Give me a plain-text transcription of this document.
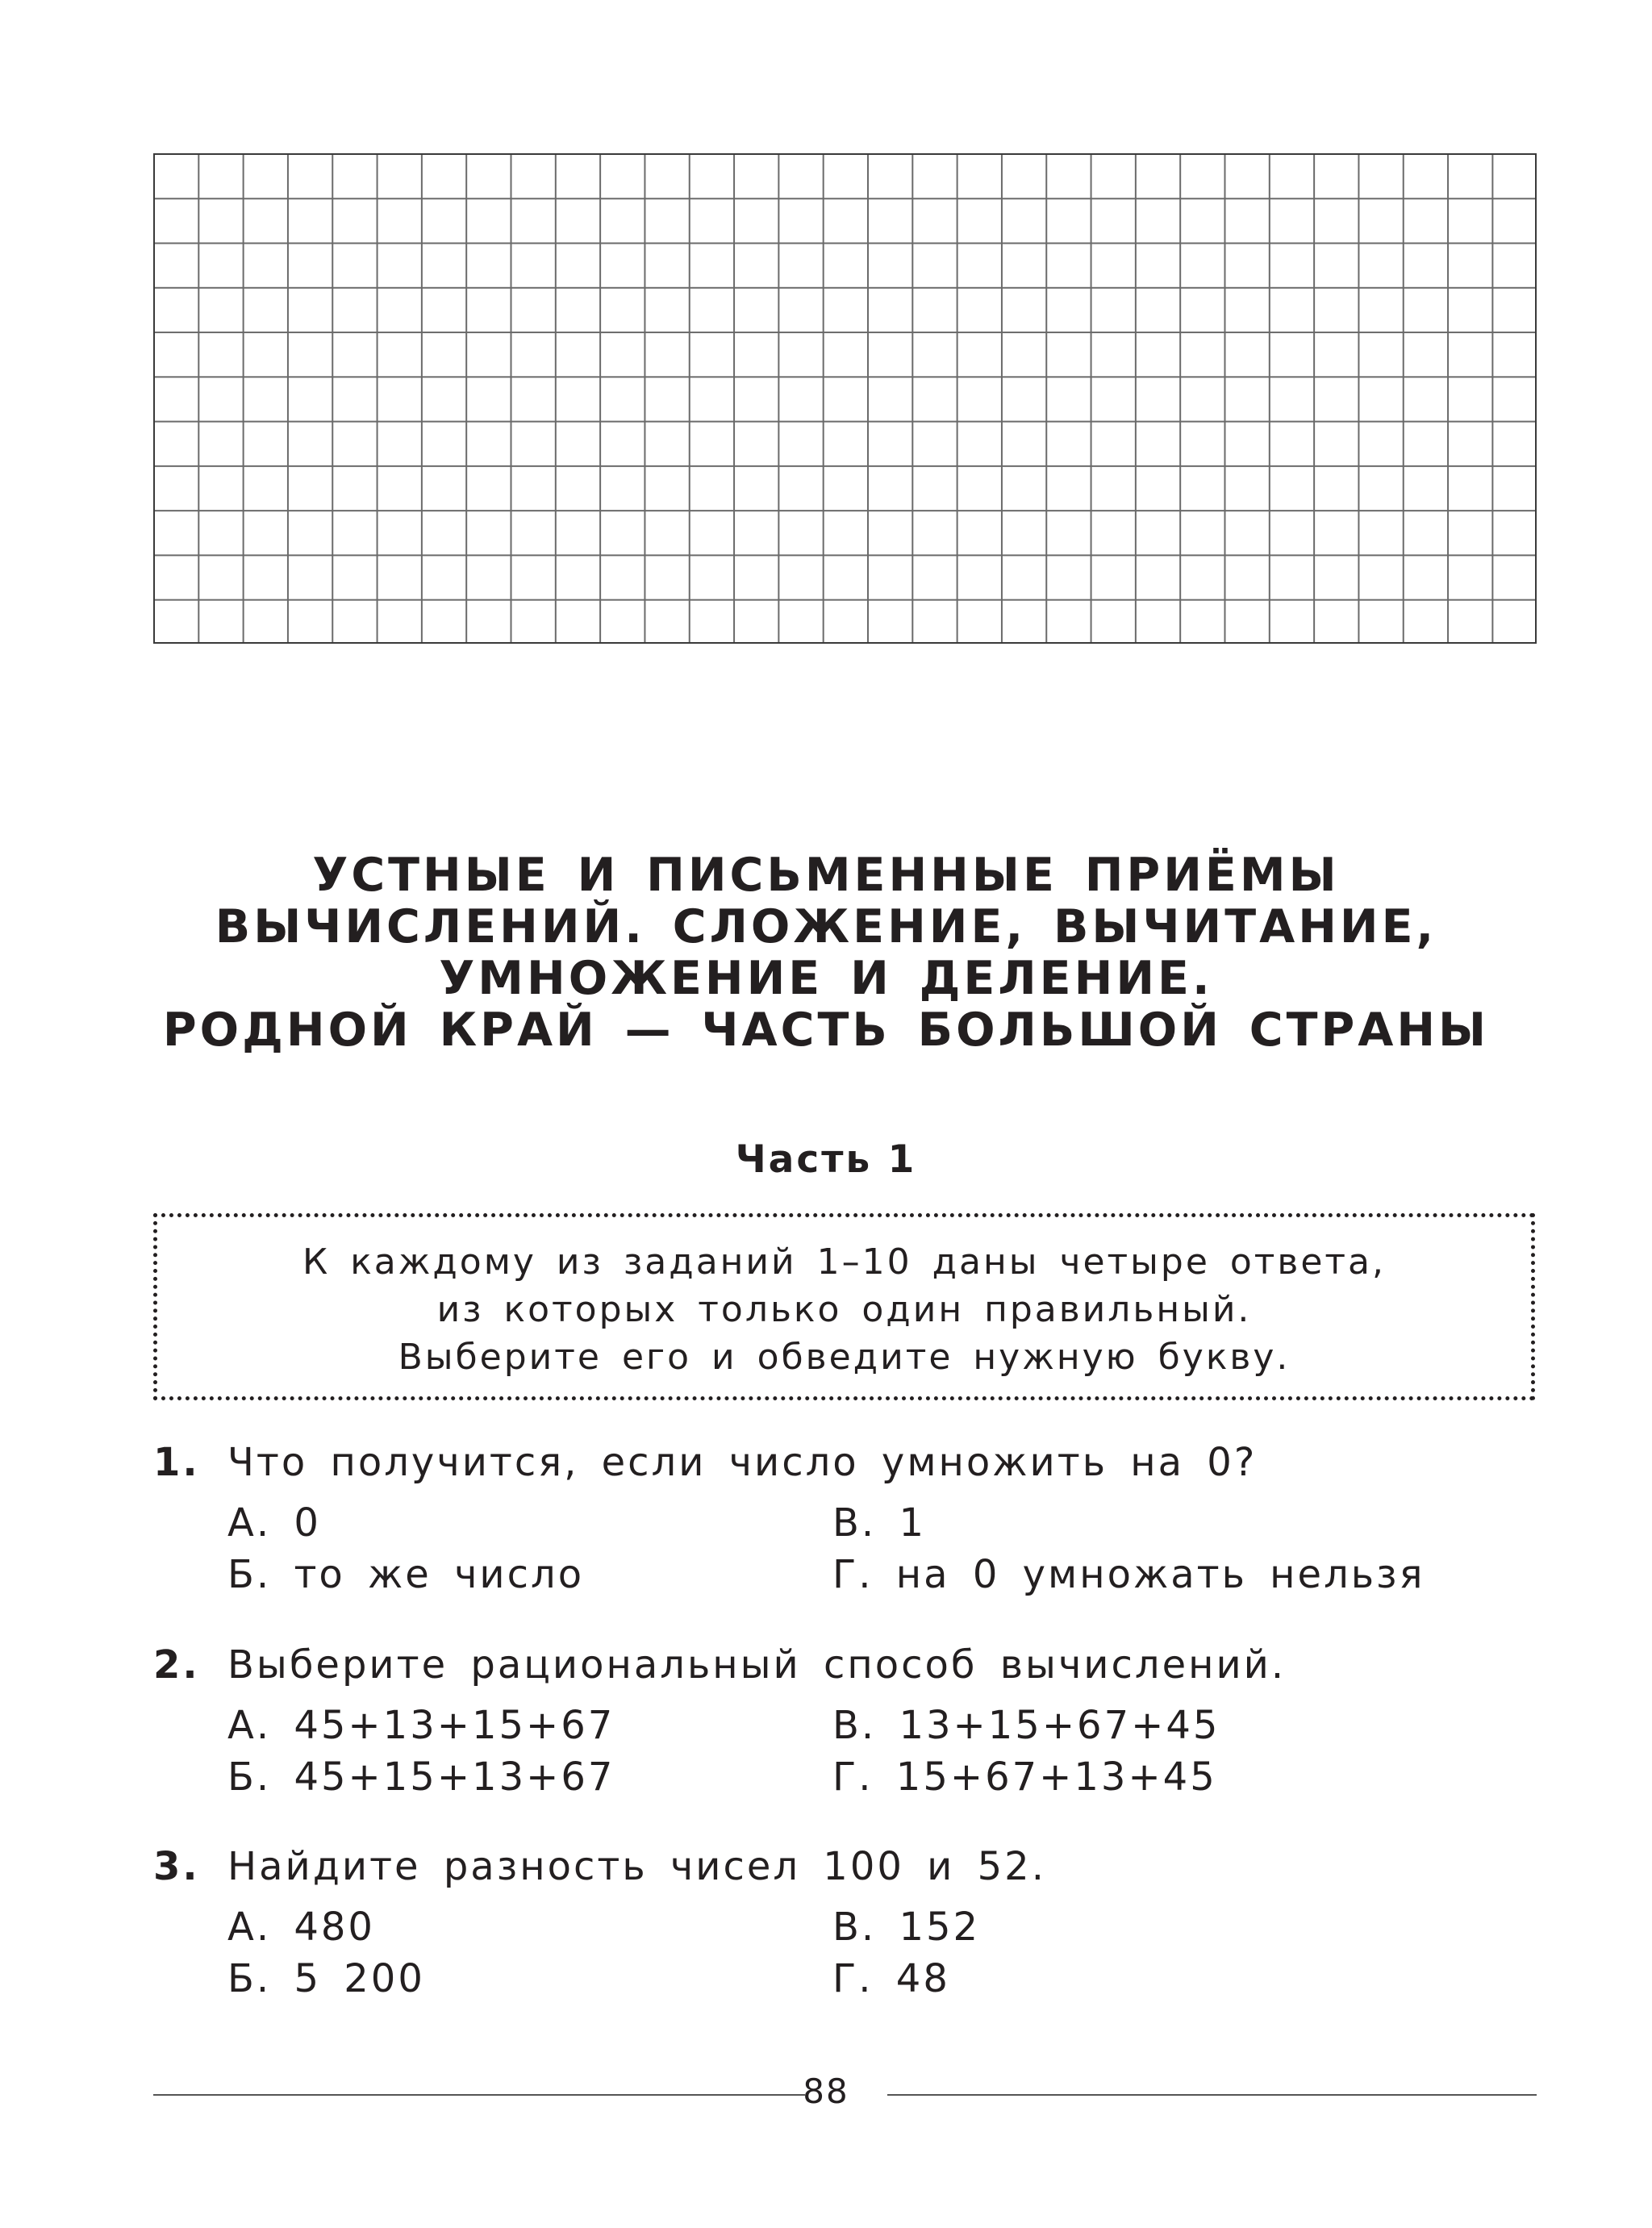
УСТНЫЕ И ПИСЬМЕННЫЕ ПРИЁМЫ
ВЫЧИСЛЕНИЙ. СЛОЖЕНИЕ, ВЫЧИТАНИЕ,
УМНОЖЕНИЕ И ДЕЛЕНИЕ.
РОДНОЙ КРАЙ — ЧАСТЬ БОЛЬШОЙ СТРАНЫ
Часть 1
К каждому из заданий 1–10 даны четыре ответа,
из которых только один правильный.
Выберите его и обведите нужную букву.
1. Что получится, если число умножить на 0?
А. 0	В. 1
Б. то же число	Г. на 0 умножать нельзя
2. Выберите рациональный способ вычислений.
А. 45+13+15+67	В. 13+15+67+45
Б. 45+15+13+67	Г. 15+67+13+45
3. Найдите разность чисел 100 и 52.
А. 480	В. 152
Б. 5 200	Г. 48
88
